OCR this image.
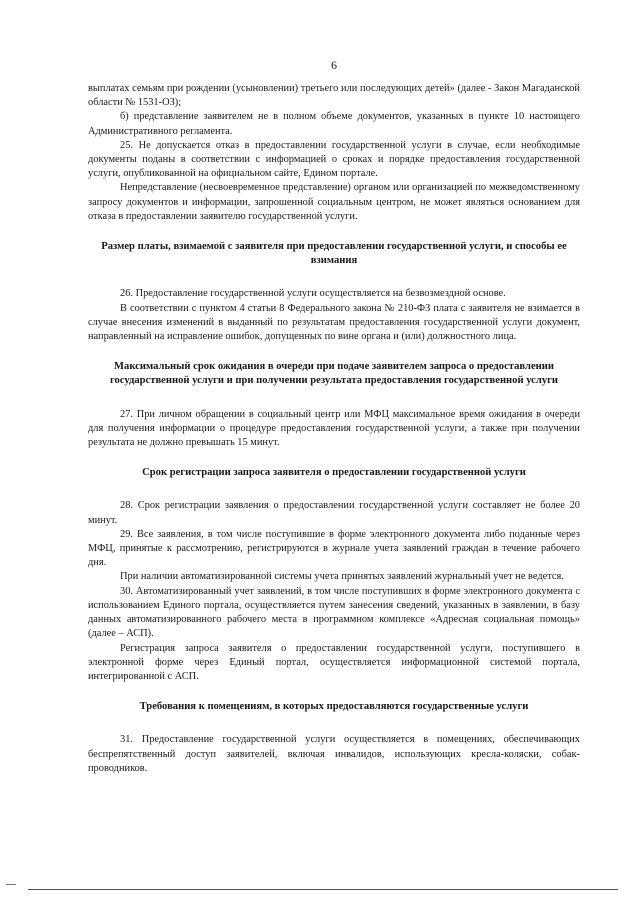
6

выплатах семьям при рождении (усыновлении) третьего или последующих детей» (далее - Закон Магаданской области № 1531-ОЗ);

б) представление заявителем не в полном объеме документов, указанных в пункте 10 настоящего Административного регламента.

25. Не допускается отказ в предоставлении государственной услуги в случае, если необходимые документы поданы в соответствии с информацией о сроках и порядке предоставления государственной услуги, опубликованной на официальном сайте, Едином портале.

Непредставление (несвоевременное представление) органом или организацией по межведомственному запросу документов и информации, запрошенной социальным центром, не может являться основанием для отказа в предоставлении заявителю государственной услуги.

Размер платы, взимаемой с заявителя при предоставлении государственной услуги, и способы ее взимания

26. Предоставление государственной услуги осуществляется на безвозмездной основе.

В соответствии с пунктом 4 статьи 8 Федерального закона № 210-ФЗ плата с заявителя не взимается в случае внесения изменений в выданный по результатам предоставления государственной услуги документ, направленный на исправление ошибок, допущенных по вине органа и (или) должностного лица.

Максимальный срок ожидания в очереди при подаче заявителем запроса о предоставлении государственной услуги и при получении результата предоставления государственной услуги

27. При личном обращении в социальный центр или МФЦ максимальное время ожидания в очереди для получения информации о процедуре предоставления государственной услуги, а также при получении результата не должно превышать 15 минут.

Срок регистрации запроса заявителя о предоставлении государственной услуги

28. Срок регистрации заявления о предоставлении государственной услуги составляет не более 20 минут.

29. Все заявления, в том числе поступившие в форме электронного документа либо поданные через МФЦ, принятые к рассмотрению, регистрируются в журнале учета заявлений граждан в течение рабочего дня.

При наличии автоматизированной системы учета принятых заявлений журнальный учет не ведется.

30. Автоматизированный учет заявлений, в том числе поступивших в форме электронного документа с использованием Единого портала, осуществляется путем занесения сведений, указанных в заявлении, в базу данных автоматизированного рабочего места в программном комплексе «Адресная социальная помощь» (далее – АСП).

Регистрация запроса заявителя о предоставлении государственной услуги, поступившего в электронной форме через Единый портал, осуществляется информационной системой портала, интегрированной с АСП.

Требования к помещениям, в которых предоставляются государственные услуги

31. Предоставление государственной услуги осуществляется в помещениях, обеспечивающих беспрепятственный доступ заявителей, включая инвалидов, использующих кресла-коляски, собак-проводников.
